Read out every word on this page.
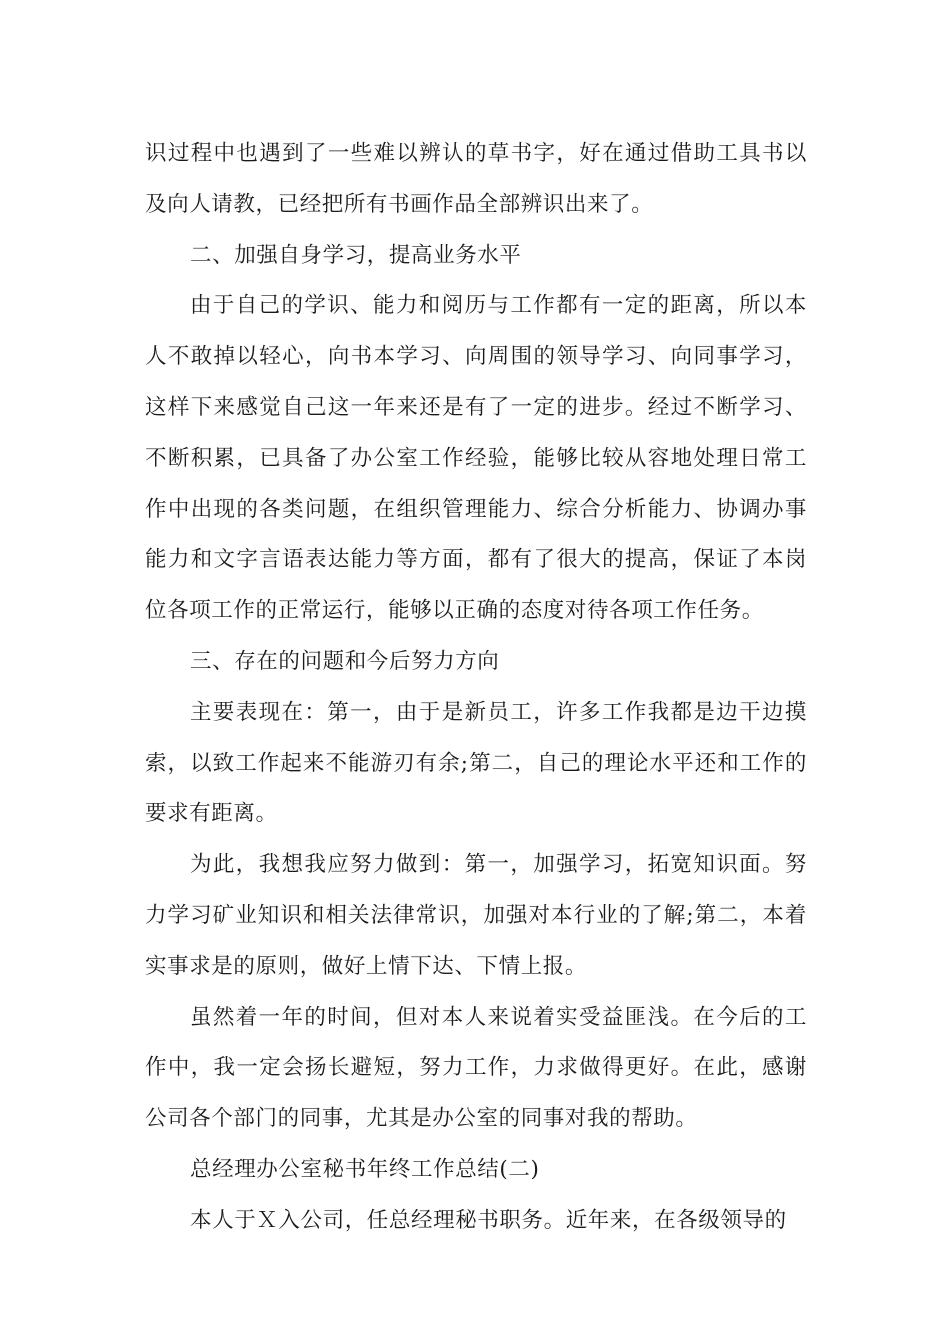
识过程中也遇到了一些难以辨认的草书字，好在通过借助工具书以及向人请教，已经把所有书画作品全部辨识出来了。

二、加强自身学习，提高业务水平

由于自己的学识、能力和阅历与工作都有一定的距离，所以本人不敢掉以轻心，向书本学习、向周围的领导学习、向同事学习，这样下来感觉自己这一年来还是有了一定的进步。经过不断学习、不断积累，已具备了办公室工作经验，能够比较从容地处理日常工作中出现的各类问题，在组织管理能力、综合分析能力、协调办事能力和文字言语表达能力等方面，都有了很大的提高，保证了本岗位各项工作的正常运行，能够以正确的态度对待各项工作任务。

三、存在的问题和今后努力方向

主要表现在：第一，由于是新员工，许多工作我都是边干边摸索，以致工作起来不能游刃有余;第二，自己的理论水平还和工作的要求有距离。

为此，我想我应努力做到：第一，加强学习，拓宽知识面。努力学习矿业知识和相关法律常识，加强对本行业的了解;第二，本着实事求是的原则，做好上情下达、下情上报。

虽然着一年的时间，但对本人来说着实受益匪浅。在今后的工作中，我一定会扬长避短，努力工作，力求做得更好。在此，感谢公司各个部门的同事，尤其是办公室的同事对我的帮助。

总经理办公室秘书年终工作总结(二)

本人于Ｘ入公司，任总经理秘书职务。近年来，在各级领导的
